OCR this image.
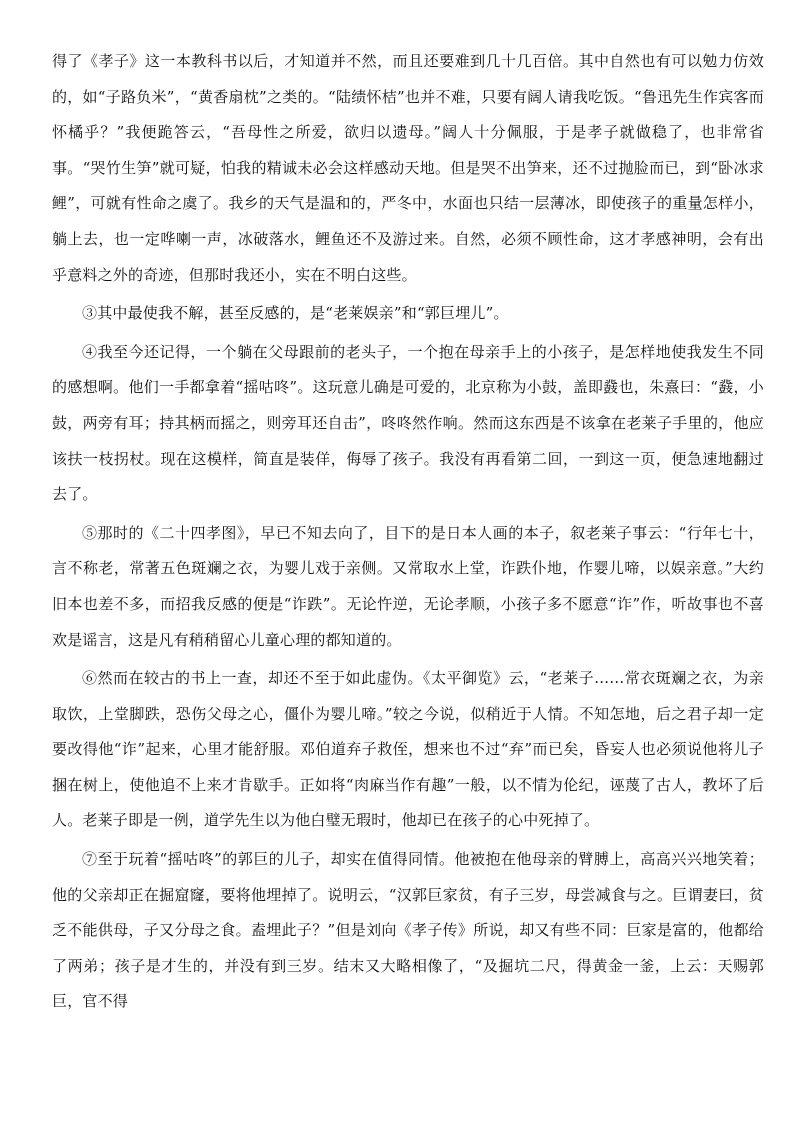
得了《孝子》这一本教科书以后，才知道并不然，而且还要难到几十几百倍。其中自然也有可以勉力仿效的，如“子路负米”，“黄香扇枕”之类的。“陆绩怀桔”也并不难，只要有阔人请我吃饭。“鲁迅先生作宾客而怀橘乎？”我便跪答云，“吾母性之所爱，欲归以遗母。”阔人十分佩服，于是孝子就做稳了，也非常省事。“哭竹生笋”就可疑，怕我的精诚未必会这样感动天地。但是哭不出笋来，还不过抛脸而已，到“卧冰求鲤”，可就有性命之虞了。我乡的天气是温和的，严冬中，水面也只结一层薄冰，即使孩子的重量怎样小，躺上去，也一定哗喇一声，冰破落水，鲤鱼还不及游过来。自然，必须不顾性命，这才孝感神明，会有出乎意料之外的奇迹，但那时我还小，实在不明白这些。

③其中最使我不解，甚至反感的，是“老莱娱亲”和“郭巨埋儿”。

④我至今还记得，一个躺在父母跟前的老头子，一个抱在母亲手上的小孩子，是怎样地使我发生不同的感想啊。他们一手都拿着“摇咕咚”。这玩意儿确是可爱的，北京称为小鼓，盖即鼗也，朱熹曰：“鼗，小鼓，两旁有耳；持其柄而摇之，则旁耳还自击”，咚咚然作响。然而这东西是不该拿在老莱子手里的，他应该扶一枝拐杖。现在这模样，简直是装佯，侮辱了孩子。我没有再看第二回，一到这一页，便急速地翻过去了。

⑤那时的《二十四孝图》，早已不知去向了，目下的是日本人画的本子，叙老莱子事云：“行年七十，言不称老，常著五色斑斓之衣，为婴儿戏于亲侧。又常取水上堂，诈跌仆地，作婴儿啼，以娱亲意。”大约旧本也差不多，而招我反感的便是“诈跌”。无论忤逆，无论孝顺，小孩子多不愿意“诈”作，听故事也不喜欢是谣言，这是凡有稍稍留心儿童心理的都知道的。

⑥然而在较古的书上一查，却还不至于如此虚伪。《太平御览》云，“老莱子……常衣斑斓之衣，为亲取饮，上堂脚跌，恐伤父母之心，僵仆为婴儿啼。”较之今说，似稍近于人情。不知怎地，后之君子却一定要改得他“诈”起来，心里才能舒服。邓伯道弃子救侄，想来也不过“弃”而已矣，昏妄人也必须说他将儿子捆在树上，使他追不上来才肯歇手。正如将“肉麻当作有趣”一般，以不情为伦纪，诬蔑了古人，教坏了后人。老莱子即是一例，道学先生以为他白璧无瑕时，他却已在孩子的心中死掉了。

⑦至于玩着“摇咕咚”的郭巨的儿子，却实在值得同情。他被抱在他母亲的臂膊上，高高兴兴地笑着；他的父亲却正在掘窟窿，要将他埋掉了。说明云，“汉郭巨家贫，有子三岁，母尝减食与之。巨谓妻曰，贫乏不能供母，子又分母之食。盍埋此子？”但是刘向《孝子传》所说，却又有些不同：巨家是富的，他都给了两弟；孩子是才生的，并没有到三岁。结末又大略相像了，“及掘坑二尺，得黄金一釜，上云：天赐郭巨，官不得
